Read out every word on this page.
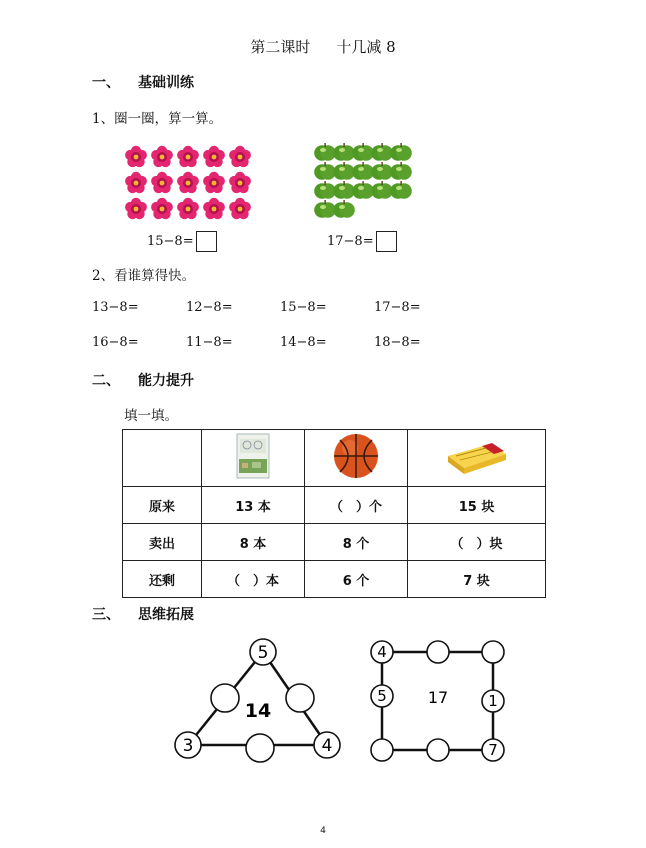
第二课时 十几减 8
一、 基础训练
1、圈一圈，算一算。
15−8=	17−8=
2、看谁算得快。
13−8=	12−8=	15−8=	17−8=
16−8=	11−8=	14−8=	18−8=
二、 能力提升
填一填。

原来	13 本	（　）个	15 块
卖出	8 本	8 个	（　）块
还剩	（　）本	6 个	7 块
三、 思维拓展
5
3	4
14
4
5	1
7
17
4
